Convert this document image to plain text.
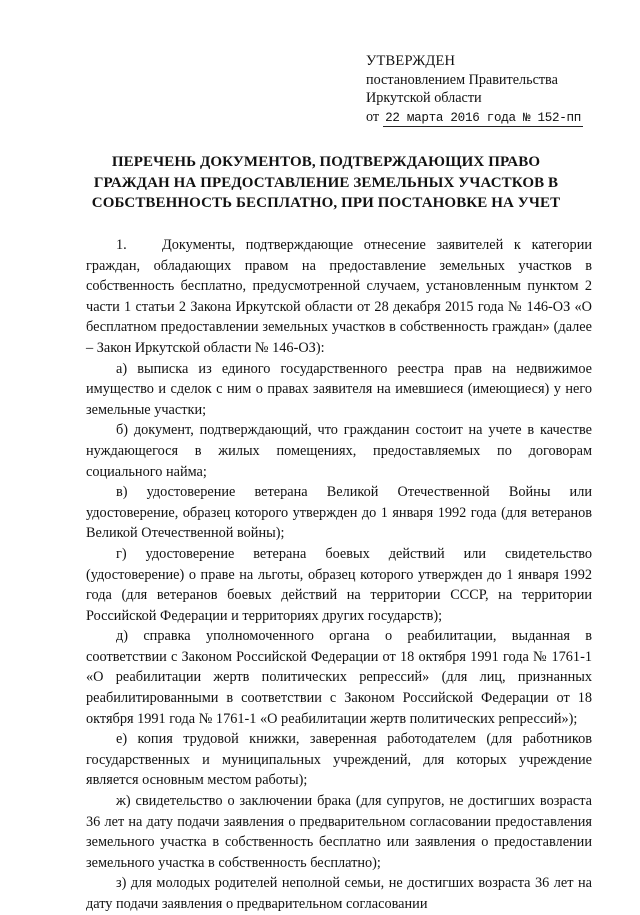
УТВЕРЖДЕН
постановлением Правительства
Иркутской области
от 22 марта 2016 года № 152-пп
ПЕРЕЧЕНЬ ДОКУМЕНТОВ, ПОДТВЕРЖДАЮЩИХ ПРАВО
ГРАЖДАН НА ПРЕДОСТАВЛЕНИЕ ЗЕМЕЛЬНЫХ УЧАСТКОВ В
СОБСТВЕННОСТЬ БЕСПЛАТНО, ПРИ ПОСТАНОВКЕ НА УЧЕТ

1. Документы, подтверждающие отнесение заявителей к категории граждан, обладающих правом на предоставление земельных участков в собственность бесплатно, предусмотренной случаем, установленным пунктом 2 части 1 статьи 2 Закона Иркутской области от 28 декабря 2015 года № 146-ОЗ «О бесплатном предоставлении земельных участков в собственность граждан» (далее – Закон Иркутской области № 146-ОЗ):

а) выписка из единого государственного реестра прав на недвижимое имущество и сделок с ним о правах заявителя на имевшиеся (имеющиеся) у него земельные участки;

б) документ, подтверждающий, что гражданин состоит на учете в качестве нуждающегося в жилых помещениях, предоставляемых по договорам социального найма;

в) удостоверение ветерана Великой Отечественной Войны или удостоверение, образец которого утвержден до 1 января 1992 года (для ветеранов Великой Отечественной войны);

г) удостоверение ветерана боевых действий или свидетельство (удостоверение) о праве на льготы, образец которого утвержден до 1 января 1992 года (для ветеранов боевых действий на территории СССР, на территории Российской Федерации и территориях других государств);

д) справка уполномоченного органа о реабилитации, выданная в соответствии с Законом Российской Федерации от 18 октября 1991 года № 1761-1 «О реабилитации жертв политических репрессий» (для лиц, признанных реабилитированными в соответствии с Законом Российской Федерации от 18 октября 1991 года № 1761-1 «О реабилитации жертв политических репрессий»);

е) копия трудовой книжки, заверенная работодателем (для работников государственных и муниципальных учреждений, для которых учреждение является основным местом работы);

ж) свидетельство о заключении брака (для супругов, не достигших возраста 36 лет на дату подачи заявления о предварительном согласовании предоставления земельного участка в собственность бесплатно или заявления о предоставлении земельного участка в собственность бесплатно);

з) для молодых родителей неполной семьи, не достигших возраста 36 лет на дату подачи заявления о предварительном согласовании
